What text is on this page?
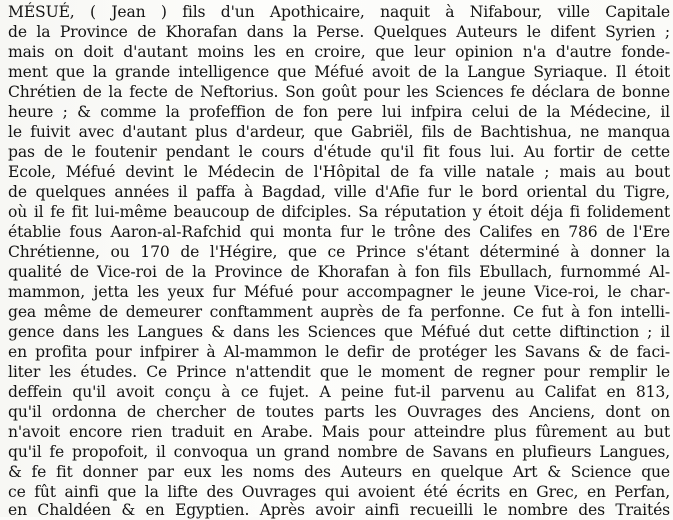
MÉSUÉ, ( Jean ) fils d'un Apothicaire, naquit à Nifabour, ville Capitale
de la Province de Khorafan dans la Perse. Quelques Auteurs le difent Syrien ;
mais on doit d'autant moins les en croire, que leur opinion n'a d'autre fonde-
ment que la grande intelligence que Méfué avoit de la Langue Syriaque. Il étoit
Chrétien de la fecte de Neftorius. Son goût pour les Sciences fe déclara de bonne
heure ; & comme la profeffion de fon pere lui infpira celui de la Médecine, il
le fuivit avec d'autant plus d'ardeur, que Gabriël, fils de Bachtishua, ne manqua
pas de le foutenir pendant le cours d'étude qu'il fit fous lui. Au fortir de cette
Ecole, Méfué devint le Médecin de l'Hôpital de fa ville natale ; mais au bout
de quelques années il paffa à Bagdad, ville d'Afie fur le bord oriental du Tigre,
où il fe fit lui-même beaucoup de difciples. Sa réputation y étoit déja fi folidement
établie fous Aaron-al-Rafchid qui monta fur le trône des Califes en 786 de l'Ere
Chrétienne, ou 170 de l'Hégire, que ce Prince s'étant déterminé à donner la
qualité de Vice-roi de la Province de Khorafan à fon fils Ebullach, furnommé Al-
mammon, jetta les yeux fur Méfué pour accompagner le jeune Vice-roi, le char-
gea même de demeurer conftamment auprès de fa perfonne. Ce fut à fon intelli-
gence dans les Langues & dans les Sciences que Méfué dut cette diftinction ; il
en profita pour infpirer à Al-mammon le defir de protéger les Savans & de faci-
liter les études. Ce Prince n'attendit que le moment de regner pour remplir le
deffein qu'il avoit conçu à ce fujet. A peine fut-il parvenu au Califat en 813,
qu'il ordonna de chercher de toutes parts les Ouvrages des Anciens, dont on
n'avoit encore rien traduit en Arabe. Mais pour atteindre plus fûrement au but
qu'il fe propofoit, il convoqua un grand nombre de Savans en plufieurs Langues,
& fe fit donner par eux les noms des Auteurs en quelque Art & Science que
ce fût ainfi que la lifte des Ouvrages qui avoient été écrits en Grec, en Perfan,
en Chaldéen & en Egyptien. Après avoir ainfi recueilli le nombre des Traités
